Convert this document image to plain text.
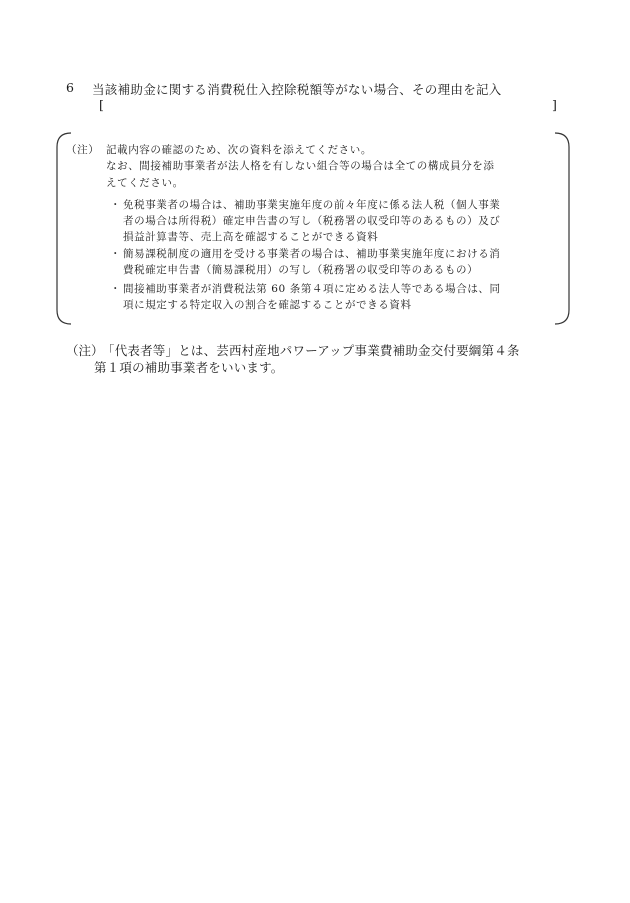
6 当該補助金に関する消費税仕入控除税額等がない場合、その理由を記入
[	]
（注） 記載内容の確認のため、次の資料を添えてください。
なお、間接補助事業者が法人格を有しない組合等の場合は全ての構成員分を添
えてください。
・ 免税事業者の場合は、補助事業実施年度の前々年度に係る法人税（個人事業
者の場合は所得税）確定申告書の写し（税務署の収受印等のあるもの）及び
損益計算書等、売上高を確認することができる資料
・ 簡易課税制度の適用を受ける事業者の場合は、補助事業実施年度における消
費税確定申告書（簡易課税用）の写し（税務署の収受印等のあるもの）
・ 間接補助事業者が消費税法第 60 条第４項に定める法人等である場合は、同
項に規定する特定収入の割合を確認することができる資料
（注）
「代表者等」とは、芸西村産地パワーアップ事業費補助金交付要綱第４条
第１項の補助事業者をいいます。
